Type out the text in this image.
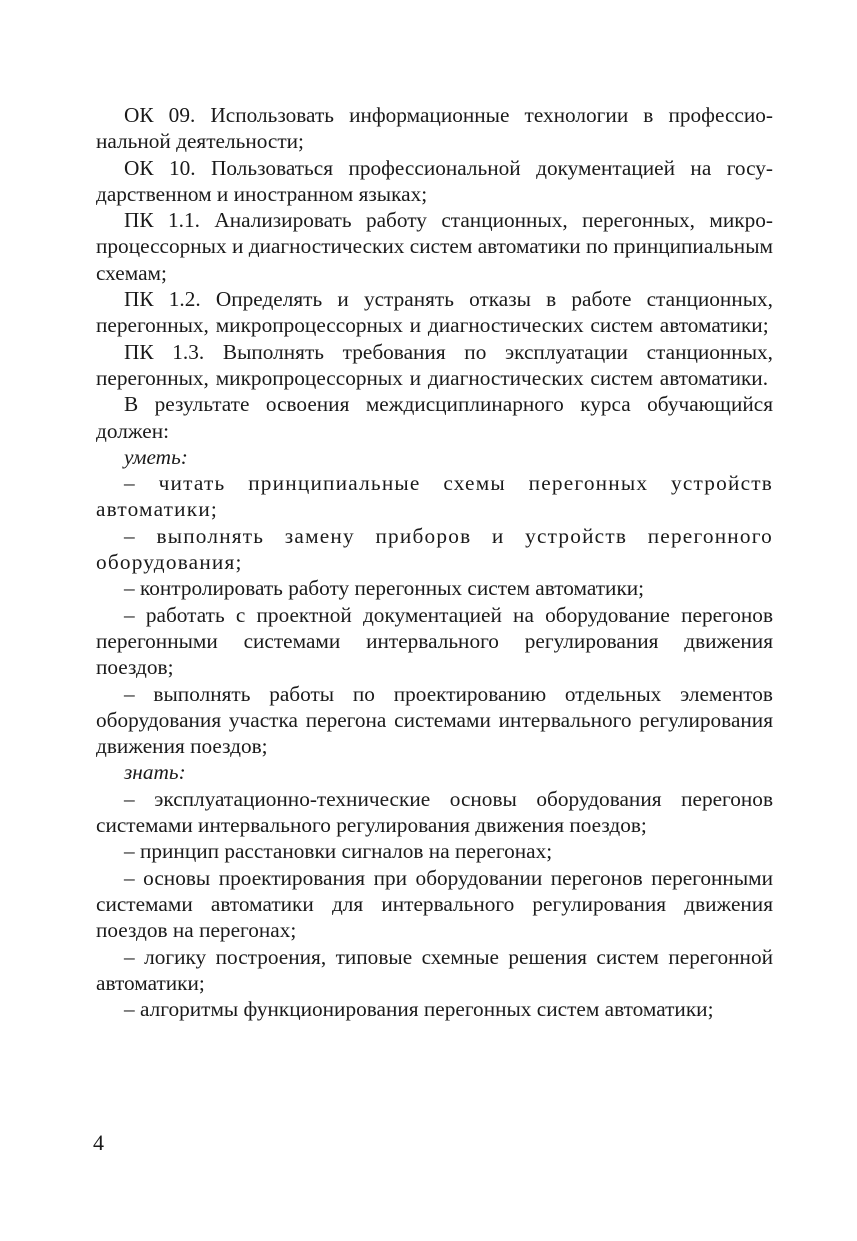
ОК 09. Использовать информационные технологии в профессиональной деятельности;

ОК 10. Пользоваться профессиональной документацией на государственном и иностранном языках;

ПК 1.1. Анализировать работу станционных, перегонных, микропроцессорных и диагностических систем автоматики по принципиальным схемам;

ПК 1.2. Определять и устранять отказы в работе станционных, перегонных, микропроцессорных и диагностических систем автоматики;

ПК 1.3. Выполнять требования по эксплуатации станционных, перегонных, микропроцессорных и диагностических систем автоматики.

В результате освоения междисциплинарного курса обучающийся должен:

уметь:

– читать принципиальные схемы перегонных устройств автоматики;

– выполнять замену приборов и устройств перегонного оборудования;

– контролировать работу перегонных систем автоматики;

– работать с проектной документацией на оборудование перегонов перегонными системами интервального регулирования движения поездов;

– выполнять работы по проектированию отдельных элементов оборудования участка перегона системами интервального регулирования движения поездов;

знать:

– эксплуатационно-технические основы оборудования перегонов системами интервального регулирования движения поездов;

– принцип расстановки сигналов на перегонах;

– основы проектирования при оборудовании перегонов перегонными системами автоматики для интервального регулирования движения поездов на перегонах;

– логику построения, типовые схемные решения систем перегонной автоматики;

– алгоритмы функционирования перегонных систем автоматики;

4
